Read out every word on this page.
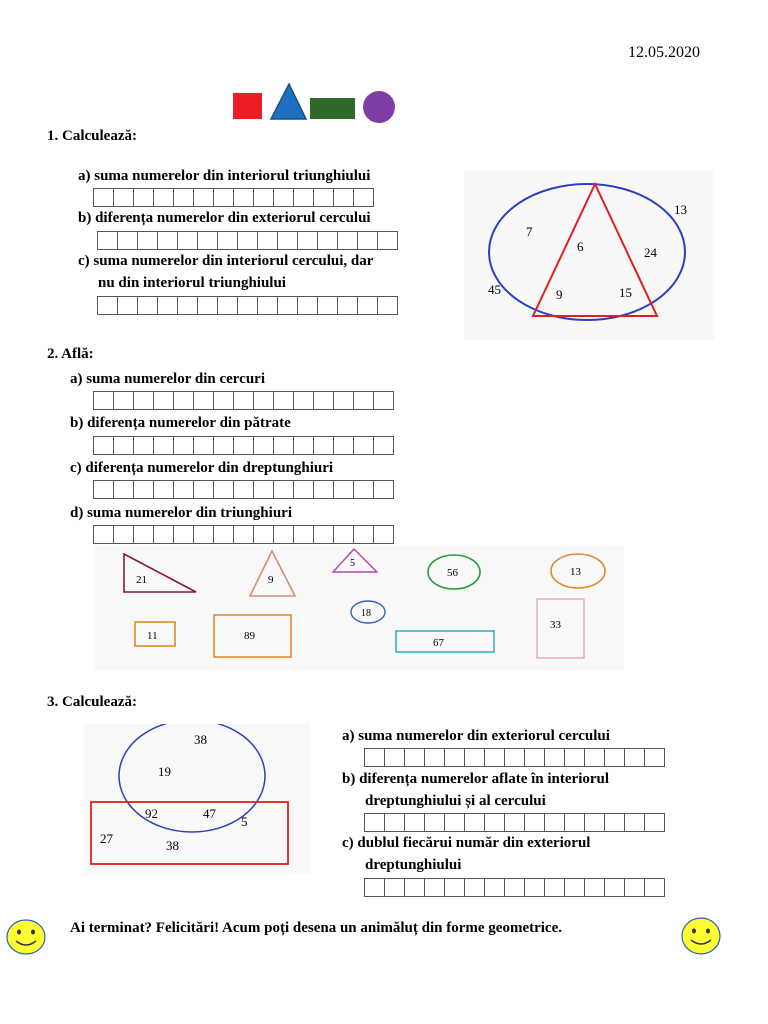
12.05.2020
1. Calculează:
a) suma numerelor din interiorul triunghiului
b) diferența numerelor din exteriorul cercului
c) suma numerelor din interiorul cercului, dar
nu din interiorul triunghiului
7
6
13
24
45	9	15
2. Află:
a) suma numerelor din cercuri
b) diferența numerelor din pătrate
c) diferența numerelor din dreptunghiuri
d) suma numerelor din triunghiuri
21	9
5
56	13
18
11	89
67
33
3. Calculează:
38
19
92	47
5
27	38
a) suma numerelor din exteriorul cercului
b) diferența numerelor aflate în interiorul
dreptunghiului și al cercului
c) dublul fiecărui număr din exteriorul
dreptunghiului
Ai terminat? Felicitări! Acum poți desena un animăluț din forme geometrice.
